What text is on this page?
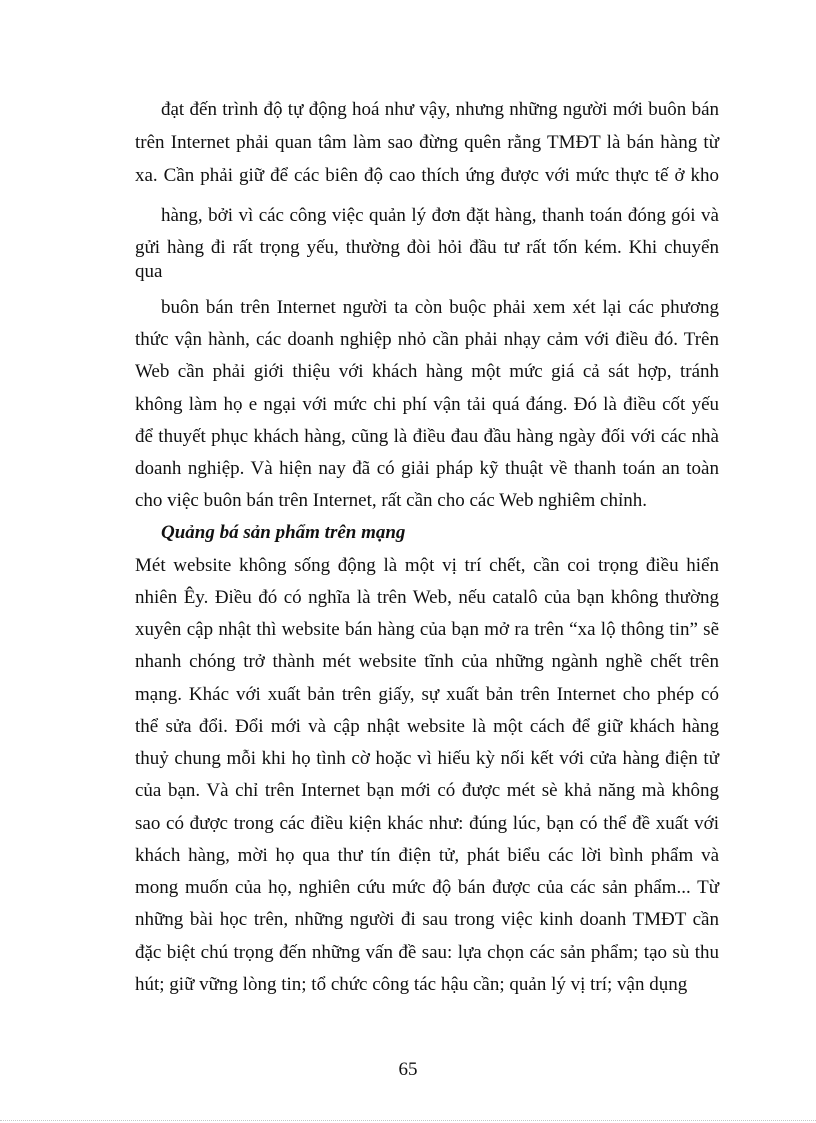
đạt đến trình độ tự động hoá như vậy, nhưng những người mới buôn bán
trên Internet phải quan tâm làm sao đừng quên rằng TMĐT là bán hàng từ
xa. Cần phải giữ để các biên độ cao thích ứng được với mức thực tế ở kho
hàng, bởi vì các công việc quản lý đơn đặt hàng, thanh toán đóng gói và
gửi hàng đi rất trọng yếu, thường đòi hỏi đầu tư rất tốn kém. Khi chuyển
qua
buôn bán trên Internet người ta còn buộc phải xem xét lại các phương
thức vận hành, các doanh nghiệp nhỏ cần phải nhạy cảm với điều đó. Trên
Web cần phải giới thiệu với khách hàng một mức giá cả sát hợp, tránh
không làm họ e ngại với mức chi phí vận tải quá đáng. Đó là điều cốt yếu
để thuyết phục khách hàng, cũng là điều đau đầu hàng ngày đối với các nhà
doanh nghiệp. Và hiện nay đã có giải pháp kỹ thuật về thanh toán an toàn
cho việc buôn bán trên Internet, rất cần cho các Web nghiêm chỉnh.
Quảng bá sản phẩm trên mạng
Mét website không sống động là một vị trí chết, cần coi trọng điều hiển
nhiên Êy. Điều đó có nghĩa là trên Web, nếu catalô của bạn không thường
xuyên cập nhật thì website bán hàng của bạn mở ra trên “xa lộ thông tin” sẽ
nhanh chóng trở thành mét website tĩnh của những ngành nghề chết trên
mạng. Khác với xuất bản trên giấy, sự xuất bản trên Internet cho phép có
thể sửa đổi. Đổi mới và cập nhật website là một cách để giữ khách hàng
thuỷ chung mỗi khi họ tình cờ hoặc vì hiếu kỳ nối kết với cửa hàng điện tử
của bạn. Và chỉ trên Internet bạn mới có được mét sè khả năng mà không
sao có được trong các điều kiện khác như: đúng lúc, bạn có thể đề xuất với
khách hàng, mời họ qua thư tín điện tử, phát biểu các lời bình phẩm và
mong muốn của họ, nghiên cứu mức độ bán được của các sản phẩm... Từ
những bài học trên, những người đi sau trong việc kinh doanh TMĐT cần
đặc biệt chú trọng đến những vấn đề sau: lựa chọn các sản phẩm; tạo sù thu
hút; giữ vững lòng tin; tổ chức công tác hậu cần; quản lý vị trí; vận dụng
65
